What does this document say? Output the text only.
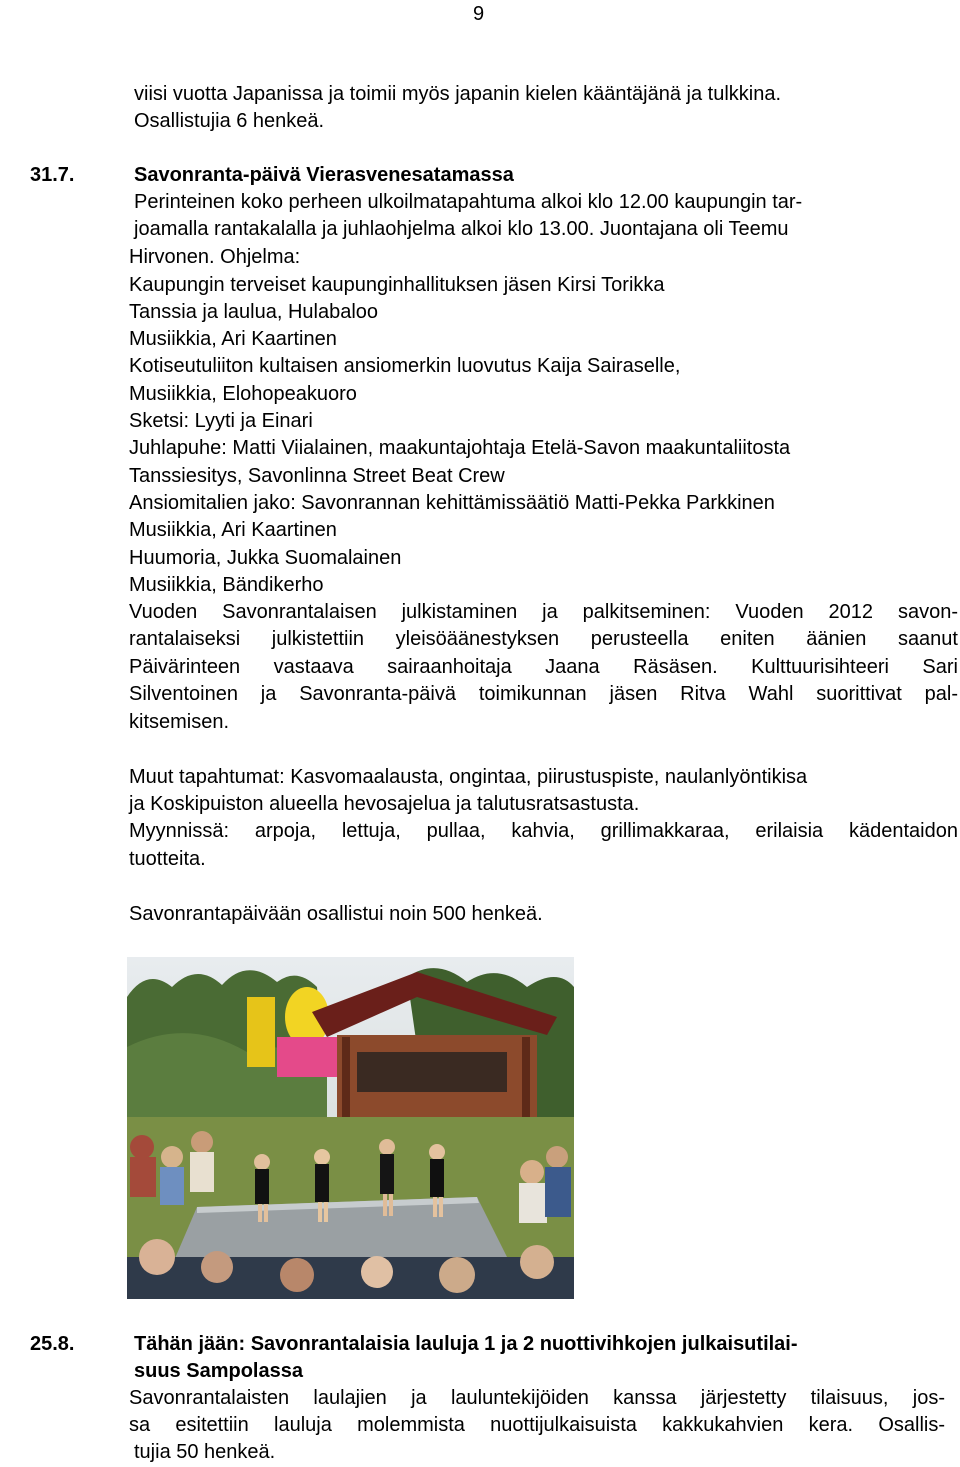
9
viisi vuotta Japanissa ja toimii myös japanin kielen kääntäjänä ja tulkkina.
Osallistujia 6 henkeä.
31.7.	Savonranta-päivä Vierasvenesatamassa
Perinteinen koko perheen ulkoilmatapahtuma alkoi klo 12.00 kaupungin tar-
joamalla rantakalalla ja juhlaohjelma alkoi klo 13.00. Juontajana oli Teemu
Hirvonen. Ohjelma:
Kaupungin terveiset kaupunginhallituksen jäsen Kirsi Torikka
Tanssia ja laulua, Hulabaloo
Musiikkia, Ari Kaartinen
Kotiseutuliiton kultaisen ansiomerkin luovutus Kaija Sairaselle,
Musiikkia, Elohopeakuoro
Sketsi: Lyyti ja Einari
Juhlapuhe: Matti Viialainen, maakuntajohtaja Etelä-Savon maakuntaliitosta
Tanssiesitys, Savonlinna Street Beat Crew
Ansiomitalien jako: Savonrannan kehittämissäätiö Matti-Pekka Parkkinen
Musiikkia, Ari Kaartinen
Huumoria, Jukka Suomalainen
Musiikkia, Bändikerho
Vuoden Savonrantalaisen julkistaminen ja palkitseminen: Vuoden 2012 savon-
rantalaiseksi julkistettiin yleisöäänestyksen perusteella eniten äänien saanut
Päivärinteen vastaava sairaanhoitaja Jaana Räsäsen. Kulttuurisihteeri Sari
Silventoinen ja Savonranta-päivä toimikunnan jäsen Ritva Wahl suorittivat pal-
kitsemisen.
Muut tapahtumat: Kasvomaalausta, ongintaa, piirustuspiste, naulanlyöntikisa
ja Koskipuiston alueella hevosajelua ja talutusratsastusta.
Myynnissä: arpoja, lettuja, pullaa, kahvia, grillimakkaraa, erilaisia kädentaidon
tuotteita.
Savonrantapäivään osallistui noin 500 henkeä.
25.8.	Tähän jään: Savonrantalaisia lauluja 1 ja 2 nuottivihkojen julkaisutilai-
suus Sampolassa
Savonrantalaisten laulajien ja lauluntekijöiden kanssa järjestetty tilaisuus, jos-
sa esitettiin lauluja molemmista nuottijulkaisuista kakkukahvien kera. Osallis-
tujia 50 henkeä.
